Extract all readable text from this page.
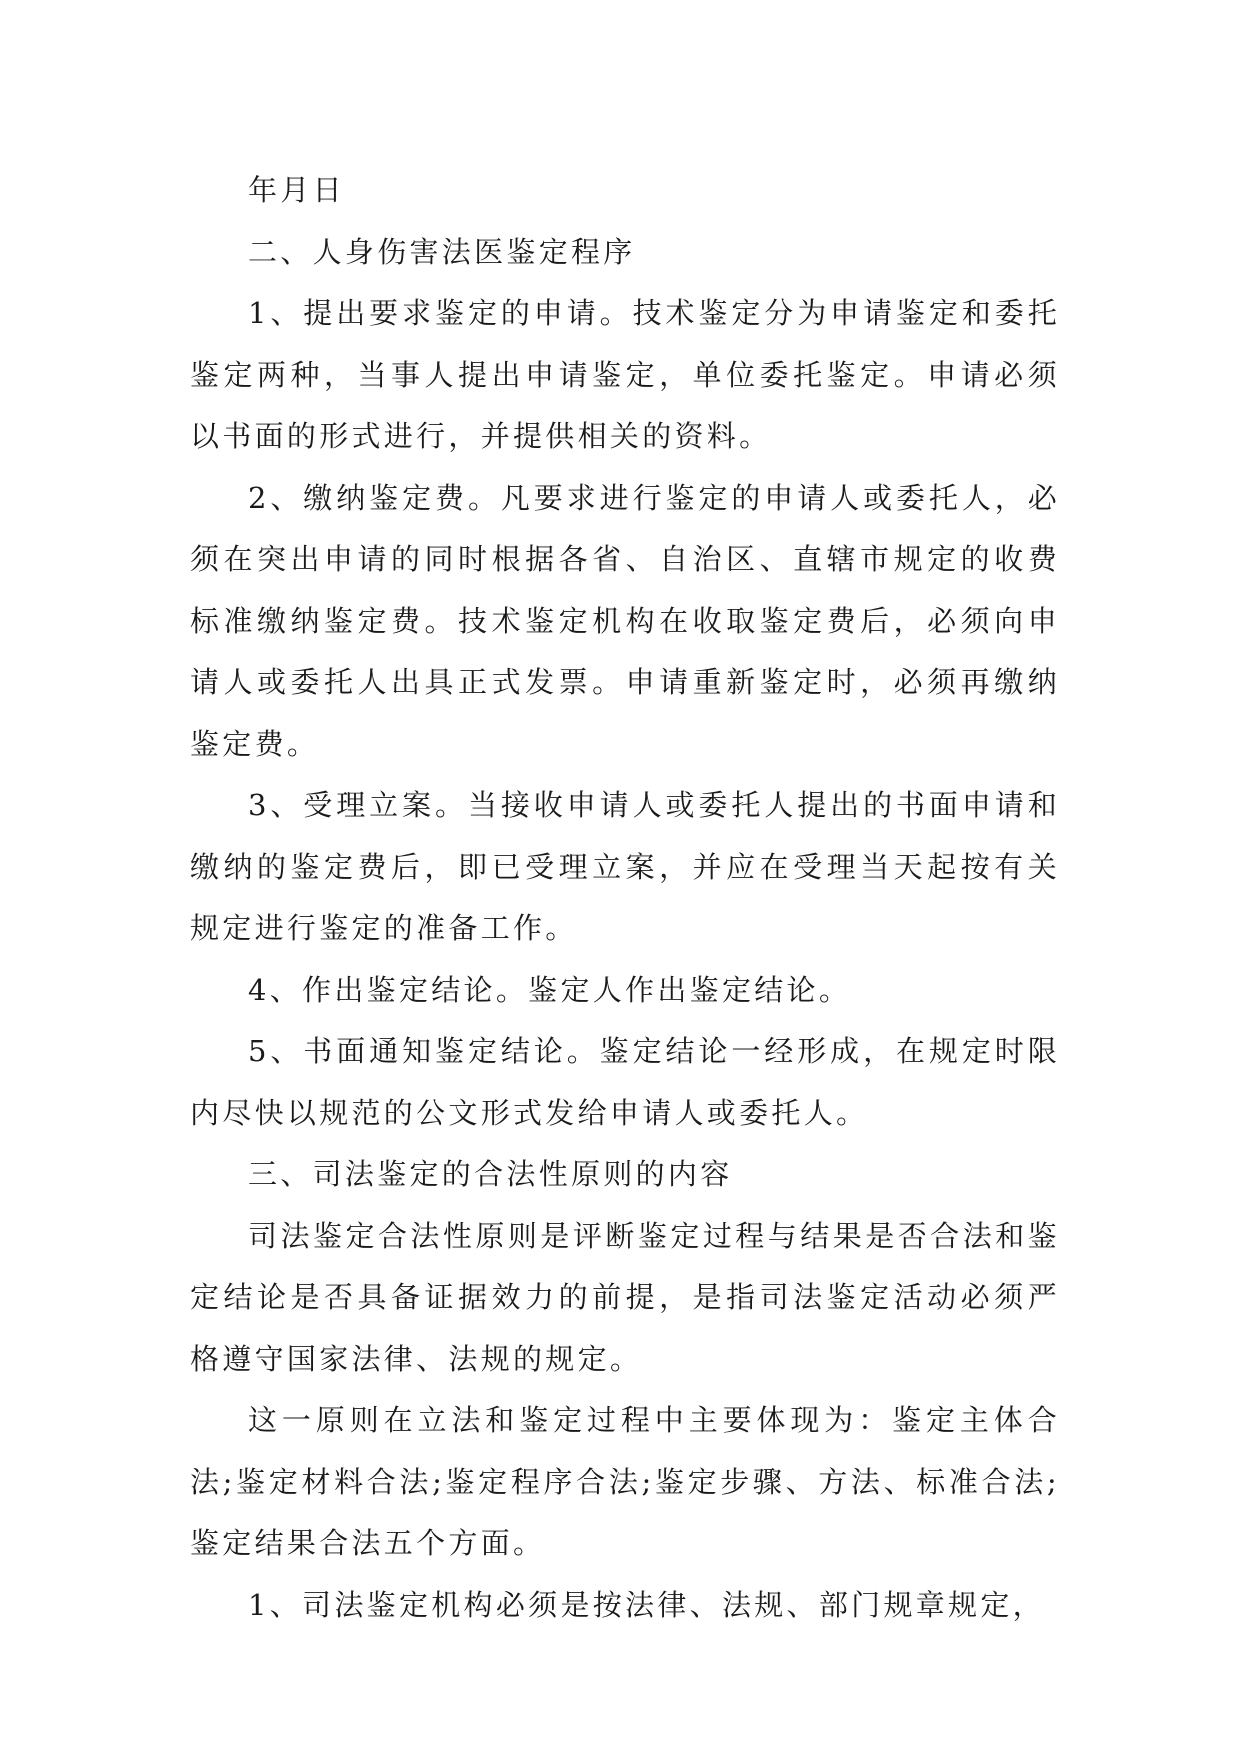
年月日

二、人身伤害法医鉴定程序

1、提出要求鉴定的申请。技术鉴定分为申请鉴定和委托鉴定两种，当事人提出申请鉴定，单位委托鉴定。申请必须以书面的形式进行，并提供相关的资料。

2、缴纳鉴定费。凡要求进行鉴定的申请人或委托人，必须在突出申请的同时根据各省、自治区、直辖市规定的收费标准缴纳鉴定费。技术鉴定机构在收取鉴定费后，必须向申请人或委托人出具正式发票。申请重新鉴定时，必须再缴纳鉴定费。

3、受理立案。当接收申请人或委托人提出的书面申请和缴纳的鉴定费后，即已受理立案，并应在受理当天起按有关规定进行鉴定的准备工作。

4、作出鉴定结论。鉴定人作出鉴定结论。

5、书面通知鉴定结论。鉴定结论一经形成，在规定时限内尽快以规范的公文形式发给申请人或委托人。

三、司法鉴定的合法性原则的内容

司法鉴定合法性原则是评断鉴定过程与结果是否合法和鉴定结论是否具备证据效力的前提，是指司法鉴定活动必须严格遵守国家法律、法规的规定。

这一原则在立法和鉴定过程中主要体现为：鉴定主体合法;鉴定材料合法;鉴定程序合法;鉴定步骤、方法、标准合法;鉴定结果合法五个方面。

1、司法鉴定机构必须是按法律、法规、部门规章规定，
